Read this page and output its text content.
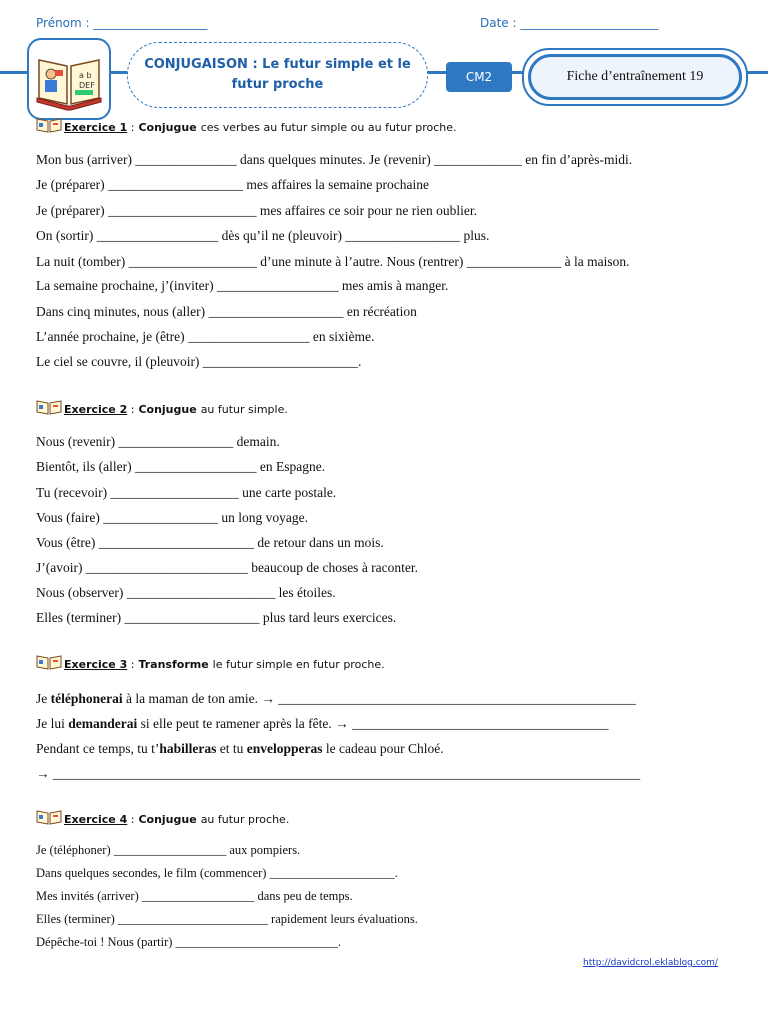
Prénom : ___________________	Date : _______________________
a b
DEF
CONJUGAISON : Le futur simple et le futur proche	CM2	Fiche d’entraînement 19
Exercice 1 : Conjugue ces verbes au futur simple ou au futur proche.
Mon bus (arriver) _______________ dans quelques minutes. Je (revenir) _____________ en fin d’après-midi.
Je (préparer) ____________________ mes affaires la semaine prochaine
Je (préparer) ______________________ mes affaires ce soir pour ne rien oublier.
On (sortir) __________________ dès qu’il ne (pleuvoir) _________________ plus.
La nuit (tomber) ___________________ d’une minute à l’autre. Nous (rentrer) ______________ à la maison.
La semaine prochaine, j’(inviter) __________________ mes amis à manger.
Dans cinq minutes, nous (aller) ____________________ en récréation
L’année prochaine, je (être) __________________ en sixième.
Le ciel se couvre, il (pleuvoir) _______________________.
Exercice 2 : Conjugue au futur simple.
Nous (revenir) _________________ demain.
Bientôt, ils (aller) __________________ en Espagne.
Tu (recevoir) ___________________ une carte postale.
Vous (faire) _________________ un long voyage.
Vous (être) _______________________ de retour dans un mois.
J’(avoir) ________________________ beaucoup de choses à raconter.
Nous (observer) ______________________ les étoiles.
Elles (terminer) ____________________ plus tard leurs exercices.
Exercice 3 : Transforme le futur simple en futur proche.
Je téléphonerai à la maman de ton amie. → _____________________________________________________
Je lui demanderai si elle peut te ramener après la fête. → ______________________________________
Pendant ce temps, tu t’habilleras et tu envelopperas le cadeau pour Chloé.
→ _______________________________________________________________________________________
Exercice 4 : Conjugue au futur proche.
Je (téléphoner) __________________ aux pompiers.
Dans quelques secondes, le film (commencer) ____________________.
Mes invités (arriver) __________________ dans peu de temps.
Elles (terminer) ________________________ rapidement leurs évaluations.
Dépêche-toi ! Nous (partir) __________________________.
http://davidcrol.eklablog.com/
